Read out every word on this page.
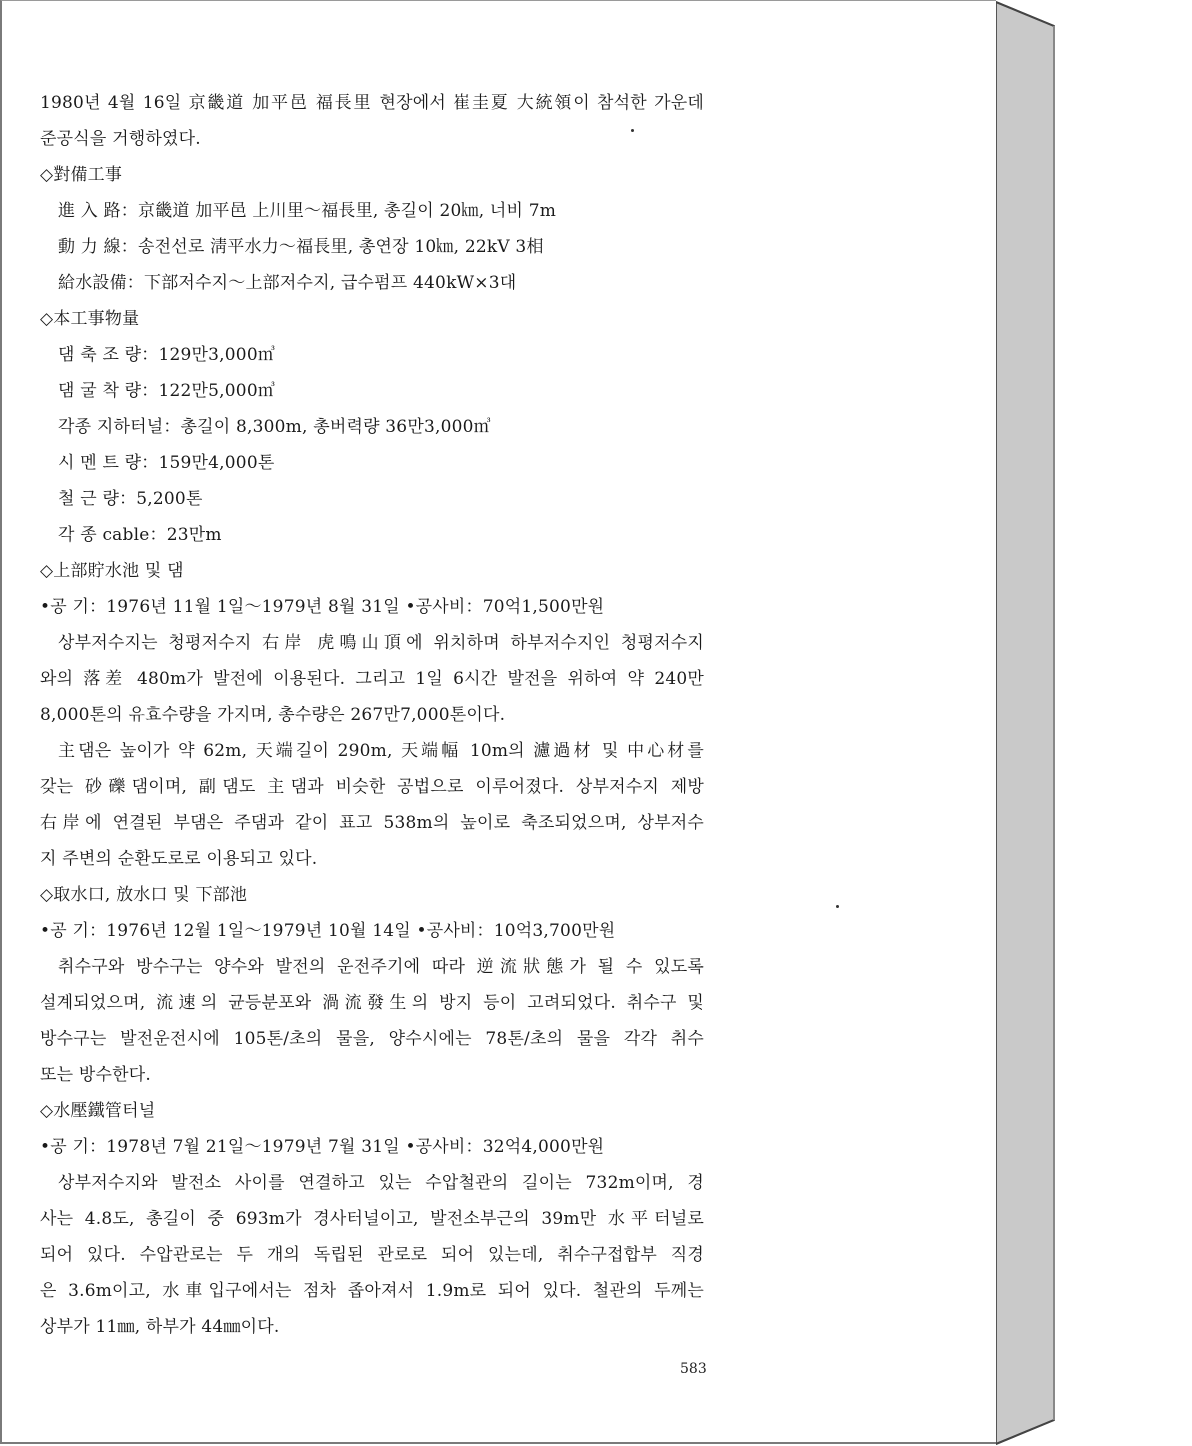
1980년 4월 16일 京畿道 加平邑 福長里 현장에서 崔圭夏 大統領이 참석한 가운데
준공식을 거행하였다.
◇對備工事
進 入 路：京畿道 加平邑 上川里～福長里, 총길이 20㎞, 너비 7m
動 力 線：송전선로 淸平水力～福長里, 총연장 10㎞, 22kV 3相
給水設備：下部저수지～上部저수지, 급수펌프 440kW×3대
◇本工事物量
댐 축 조 량：129만3,000㎥
댐 굴 착 량：122만5,000㎥
각종 지하터널：총길이 8,300m, 총버력량 36만3,000㎥
시 멘 트 량：159만4,000톤
철 근 량：5,200톤
각 종 cable：23만m
◇上部貯水池 및 댐
•공 기：1976년 11월 1일～1979년 8월 31일 •공사비：70억1,500만원
상부저수지는 청평저수지 右岸 虎鳴山頂에 위치하며 하부저수지인 청평저수지
와의 落差 480m가 발전에 이용된다. 그리고 1일 6시간 발전을 위하여 약 240만
8,000톤의 유효수량을 가지며, 총수량은 267만7,000톤이다.
主댐은 높이가 약 62m, 天端길이 290m, 天端幅 10m의 濾過材 및 中心材를
갖는 砂礫댐이며, 副댐도 主댐과 비슷한 공법으로 이루어졌다. 상부저수지 제방
右岸에 연결된 부댐은 주댐과 같이 표고 538m의 높이로 축조되었으며, 상부저수
지 주변의 순환도로로 이용되고 있다.
◇取水口, 放水口 및 下部池
•공 기：1976년 12월 1일～1979년 10월 14일 •공사비：10억3,700만원
취수구와 방수구는 양수와 발전의 운전주기에 따라 逆流狀態가 될 수 있도록
설계되었으며, 流速의 균등분포와 渦流發生의 방지 등이 고려되었다. 취수구 및
방수구는 발전운전시에 105톤/초의 물을, 양수시에는 78톤/초의 물을 각각 취수
또는 방수한다.
◇水壓鐵管터널
•공 기：1978년 7월 21일～1979년 7월 31일 •공사비：32억4,000만원
상부저수지와 발전소 사이를 연결하고 있는 수압철관의 길이는 732m이며, 경
사는 4.8도, 총길이 중 693m가 경사터널이고, 발전소부근의 39m만 水平터널로
되어 있다. 수압관로는 두 개의 독립된 관로로 되어 있는데, 취수구접합부 직경
은 3.6m이고, 水車입구에서는 점차 좁아져서 1.9m로 되어 있다. 철관의 두께는
상부가 11㎜, 하부가 44㎜이다.
583
